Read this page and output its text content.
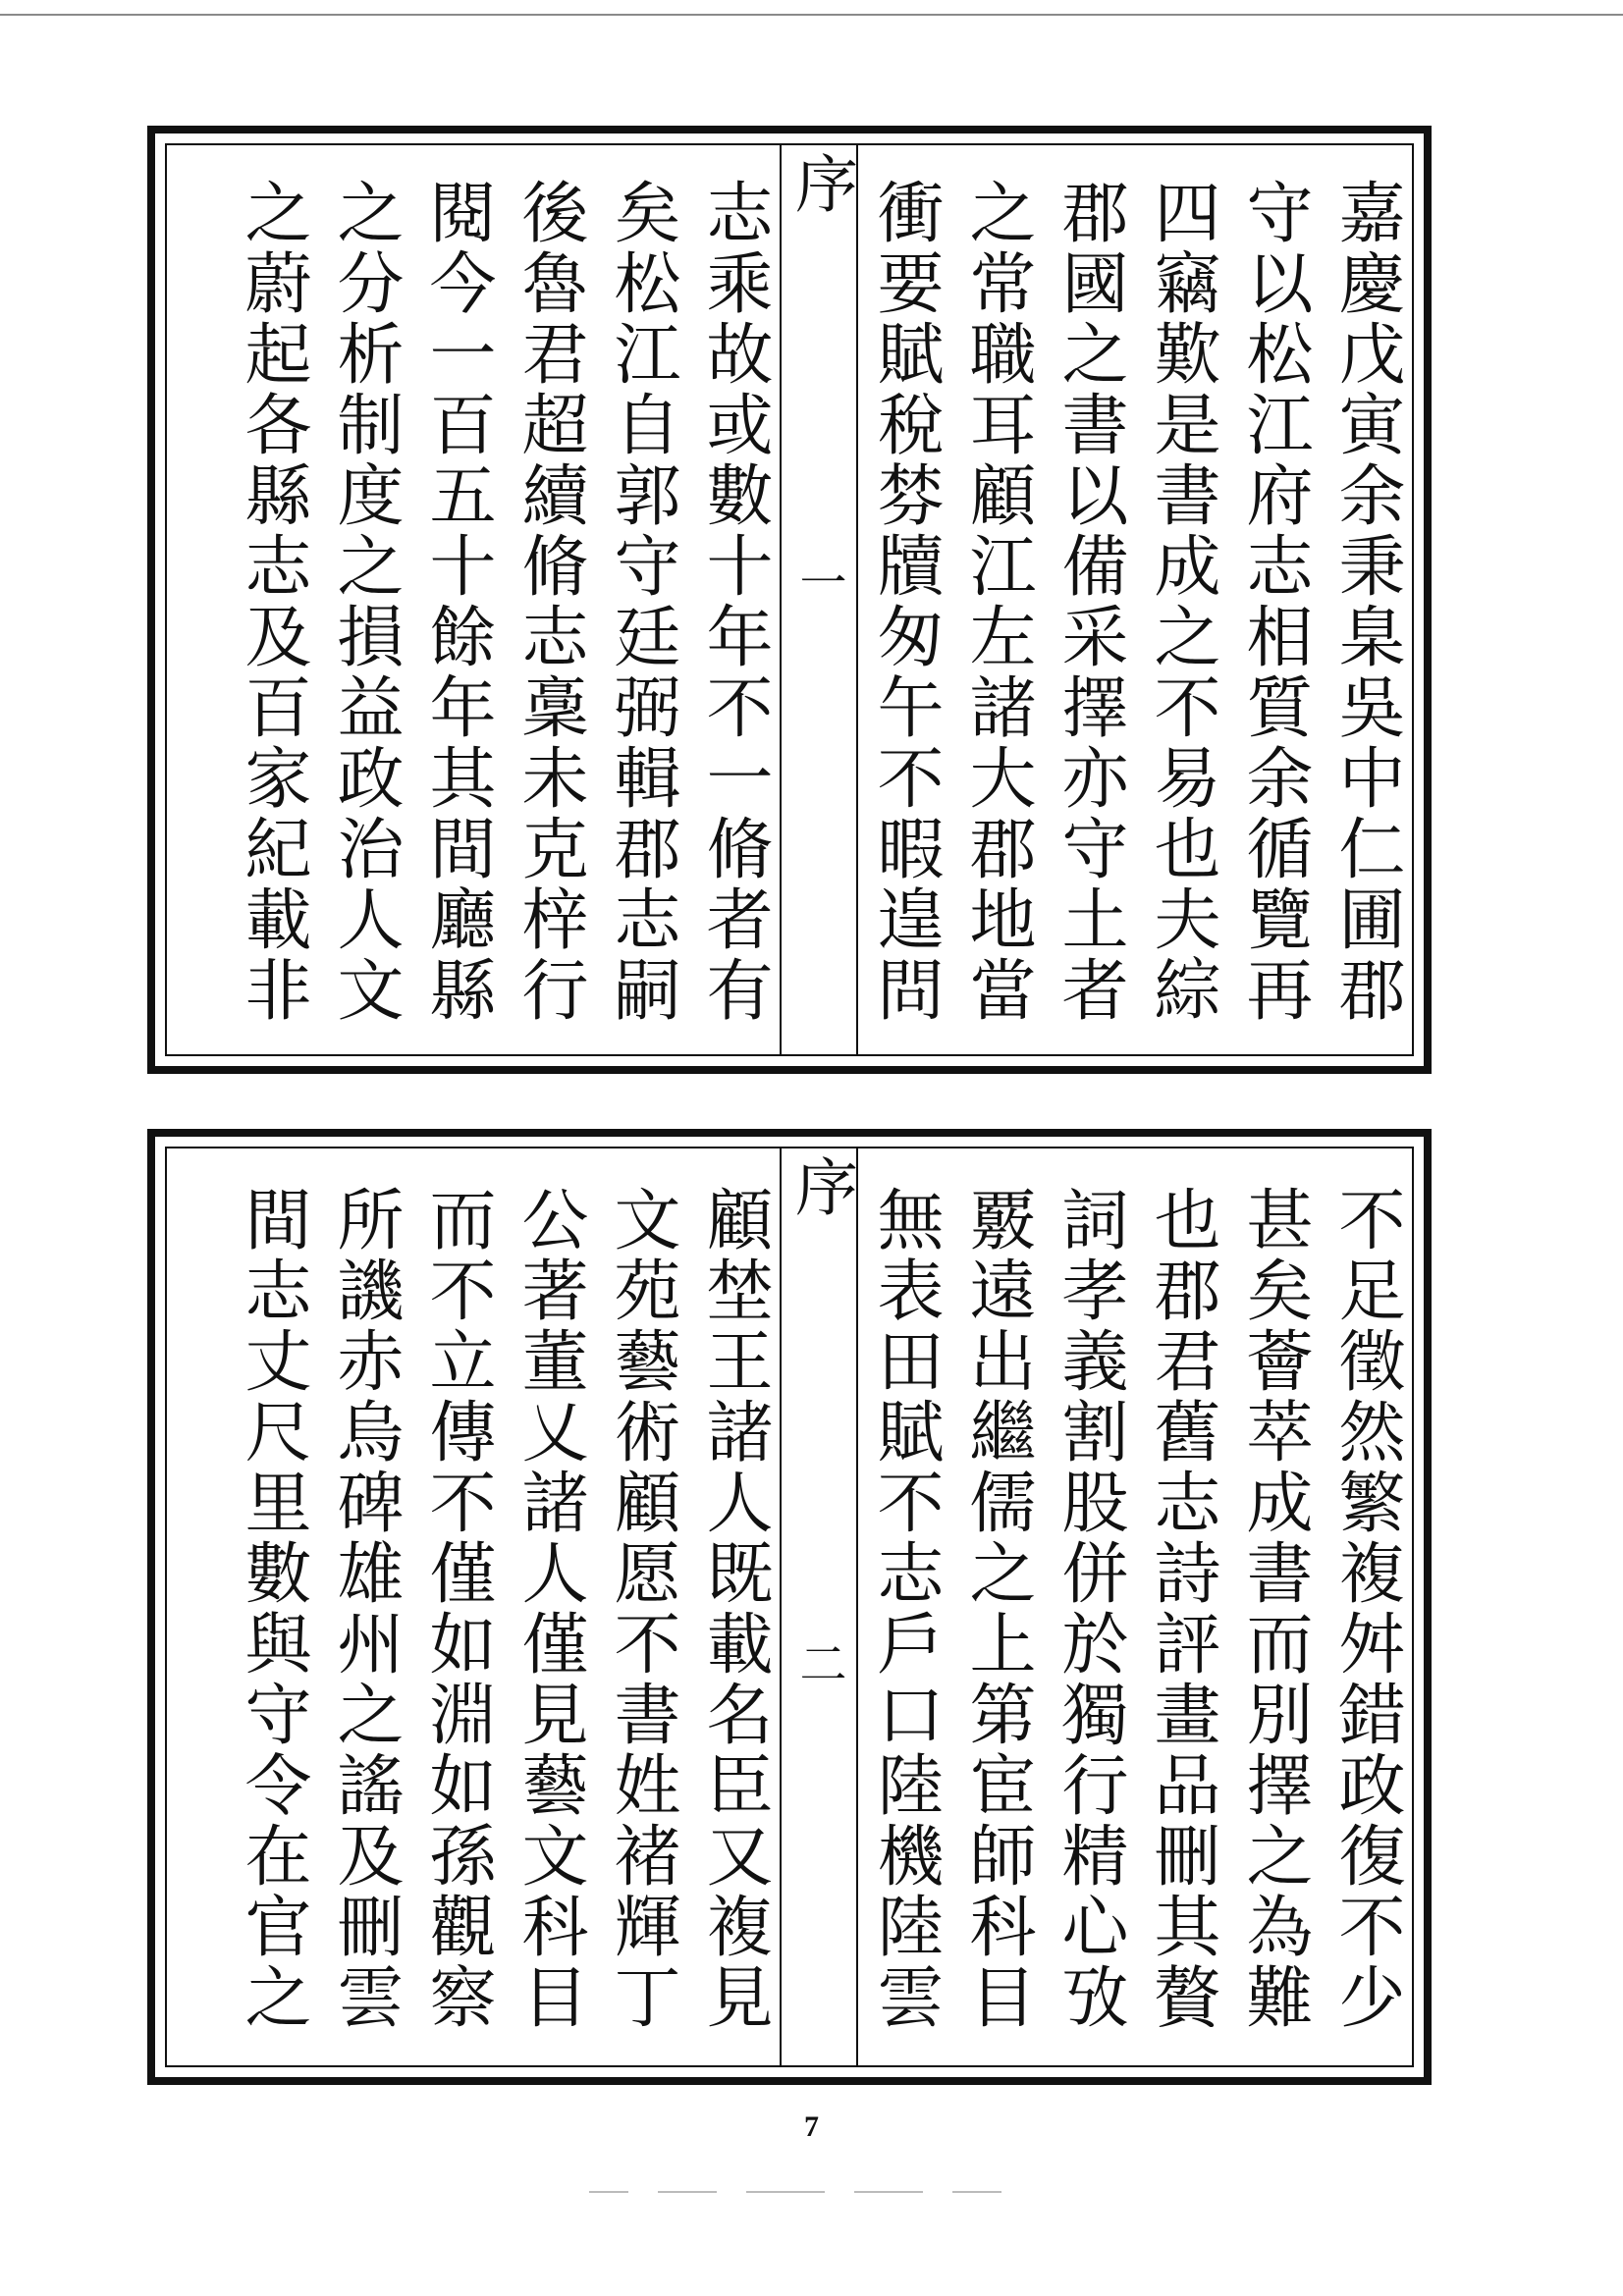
嘉慶戊寅余秉臬吳中仁圃郡
守以松江府志相質余循覽再
四竊歎是書成之不易也夫綜
郡國之書以備采擇亦守土者
之常職耳顧江左諸大郡地當
衝要賦稅棼牘匆午不暇遑問
序
一
志乘故或數十年不一脩者有
矣松江自郭守廷弼輯郡志嗣
後魯君超續脩志稾未克梓行
閱今一百五十餘年其間廳縣
之分析制度之損益政治人文
之蔚起各縣志及百家紀載非
不足徵然繁複舛錯政復不少
甚矣薈萃成書而別擇之為難
也郡君舊志詩評畫品刪其贅
詞孝義割股併於獨行精心攷
覈遠出繼儒之上第宦師科目
無表田賦不志戶口陸機陸雲
序
二
顧埜王諸人既載名臣又複見
文苑藝術顧愿不書姓褚輝丁
公著董乂諸人僅見藝文科目
而不立傳不僅如淵如孫觀察
所譏赤烏碑雄州之謠及刪雲
間志丈尺里數與守令在官之
7
